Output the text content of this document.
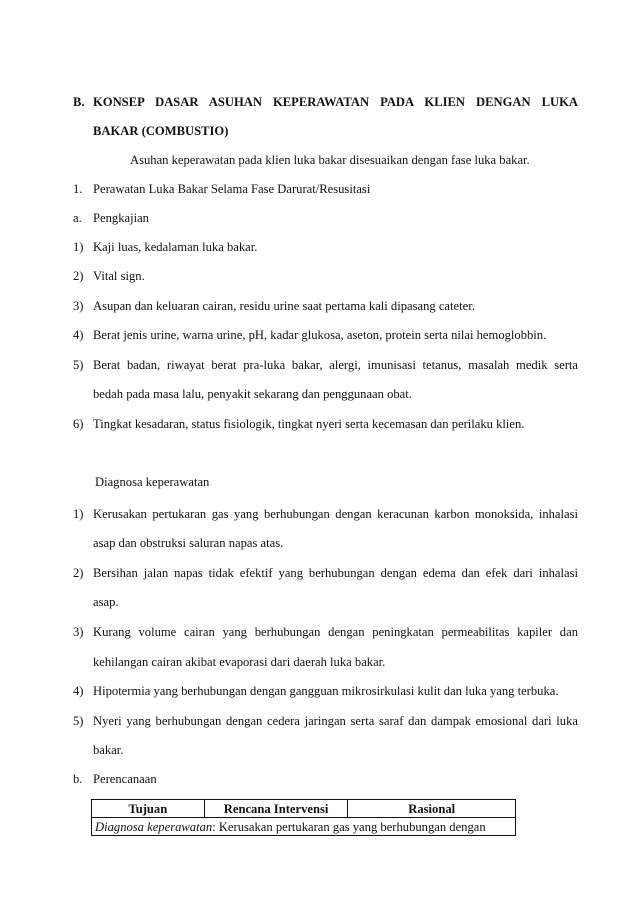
B. KONSEP DASAR ASUHAN KEPERAWATAN PADA KLIEN DENGAN LUKA
BAKAR (COMBUSTIO)
Asuhan keperawatan pada klien luka bakar disesuaikan dengan fase luka bakar.
1. Perawatan Luka Bakar Selama Fase Darurat/Resusitasi
a. Pengkajian
1) Kaji luas, kedalaman luka bakar.
2) Vital sign.
3) Asupan dan keluaran cairan, residu urine saat pertama kali dipasang cateter.
4) Berat jenis urine, warna urine, pH, kadar glukosa, aseton, protein serta nilai hemoglobbin.
5) Berat badan, riwayat berat pra-luka bakar, alergi, imunisasi tetanus, masalah medik serta
bedah pada masa lalu, penyakit sekarang dan penggunaan obat.
6) Tingkat kesadaran, status fisiologik, tingkat nyeri serta kecemasan dan perilaku klien.
Diagnosa keperawatan
1) Kerusakan pertukaran gas yang berhubungan dengan keracunan karbon monoksida, inhalasi
asap dan obstruksi saluran napas atas.
2) Bersihan jalan napas tidak efektif yang berhubungan dengan edema dan efek dari inhalasi
asap.
3) Kurang volume cairan yang berhubungan dengan peningkatan permeabilitas kapiler dan
kehilangan cairan akibat evaporasi dari daerah luka bakar.
4) Hipotermia yang berhubungan dengan gangguan mikrosirkulasi kulit dan luka yang terbuka.
5) Nyeri yang berhubungan dengan cedera jaringan serta saraf dan dampak emosional dari luka
bakar.
b. Perencanaan
Tujuan	Rencana Intervensi	Rasional
Diagnosa keperawatan: Kerusakan pertukaran gas yang berhubungan dengan
